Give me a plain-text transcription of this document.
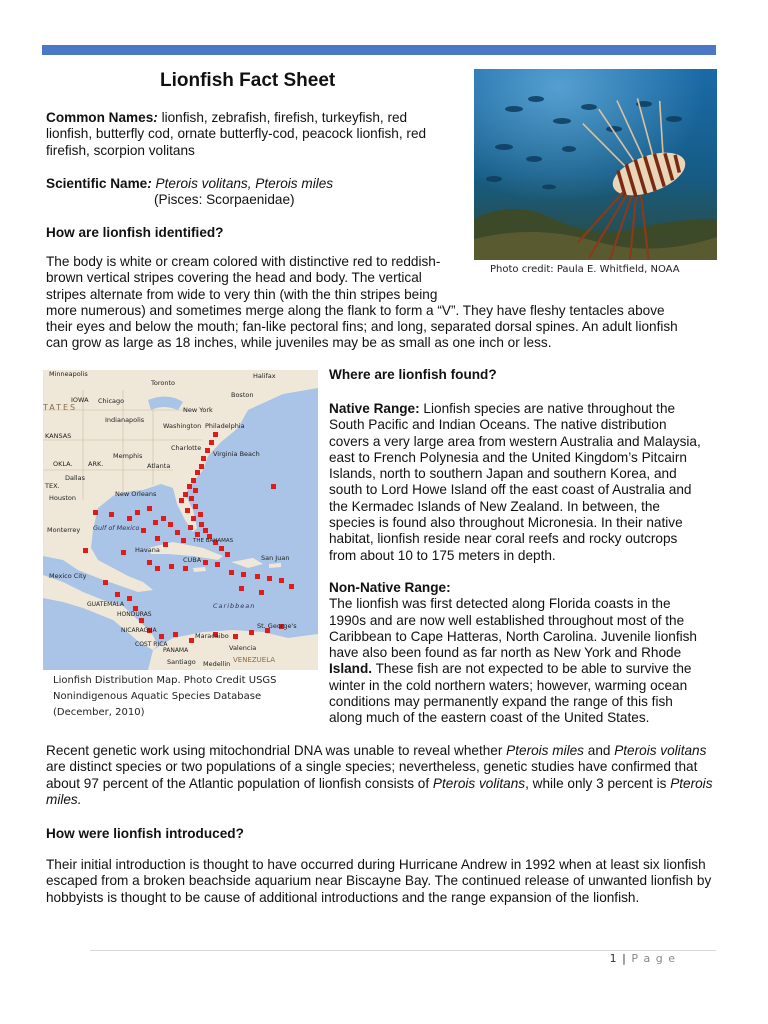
Lionfish Fact Sheet
Common Names: lionfish, zebrafish, firefish, turkeyfish, red lionfish, butterfly cod, ornate butterfly-cod, peacock lionfish, red firefish, scorpion volitans
Scientific Name: Pterois volitans, Pterois miles
(Pisces: Scorpaenidae)
How are lionfish identified?
The body is white or cream colored with distinctive red to reddish-
brown vertical stripes covering the head and body. The vertical
stripes alternate from wide to very thin (with the thin stripes being
more numerous) and sometimes merge along the flank to form a “V”. They have fleshy tentacles above
their eyes and below the mouth; fan-like pectoral fins; and long, separated dorsal spines. An adult lionfish
can grow as large as 18 inches, while juveniles may be as small as one inch or less.
Photo credit: Paula E. Whitfield, NOAA
Minneapolis
Toronto
Halifax
TATES
IOWA Chicago
Boston
New York
Philadelphia
Washington
Indianapolis
KANSAS
Virginia Beach
Memphis
Charlotte
OKLA. ARK.	Atlanta
Dallas
Houston
TEX.
New Orleans
Gulf of Mexico
Monterrey
Havana
THE BAHAMAS
Mexico City
CUBA	San Juan
GUATEMALA	Caribbean
HONDURAS
NICARAGUA
St. George's
COST RICA
PANAMA
Maracaibo
Valencia
Medellin VENEZUELA
Santiago
Lionfish Distribution Map. Photo Credit USGS
Nonindigenous Aquatic Species Database
(December, 2010)
Where are lionfish found?
Native Range: Lionfish species are native throughout the
South Pacific and Indian Oceans. The native distribution
covers a very large area from western Australia and Malaysia,
east to French Polynesia and the United Kingdom’s Pitcairn
Islands, north to southern Japan and southern Korea, and
south to Lord Howe Island off the east coast of Australia and
the Kermadec Islands of New Zealand. In between, the
species is found also throughout Micronesia. In their native
habitat, lionfish reside near coral reefs and rocky outcrops
from about 10 to 175 meters in depth.
Non-Native Range:
The lionfish was first detected along Florida coasts in the
1990s and are now well established throughout most of the
Caribbean to Cape Hatteras, North Carolina. Juvenile lionfish
have also been found as far north as New York and Rhode
Island. These fish are not expected to be able to survive the
winter in the cold northern waters; however, warming ocean
conditions may permanently expand the range of this fish
along much of the eastern coast of the United States.
Recent genetic work using mitochondrial DNA was unable to reveal whether Pterois miles and Pterois volitans are distinct species or two populations of a single species; nevertheless, genetic studies have confirmed that about 97 percent of the Atlantic population of lionfish consists of Pterois volitans, while only 3 percent is Pterois miles.
How were lionfish introduced?
Their initial introduction is thought to have occurred during Hurricane Andrew in 1992 when at least six lionfish escaped from a broken beachside aquarium near Biscayne Bay. The continued release of unwanted lionfish by hobbyists is thought to be cause of additional introductions and the range expansion of the lionfish.
1 | P a g e
